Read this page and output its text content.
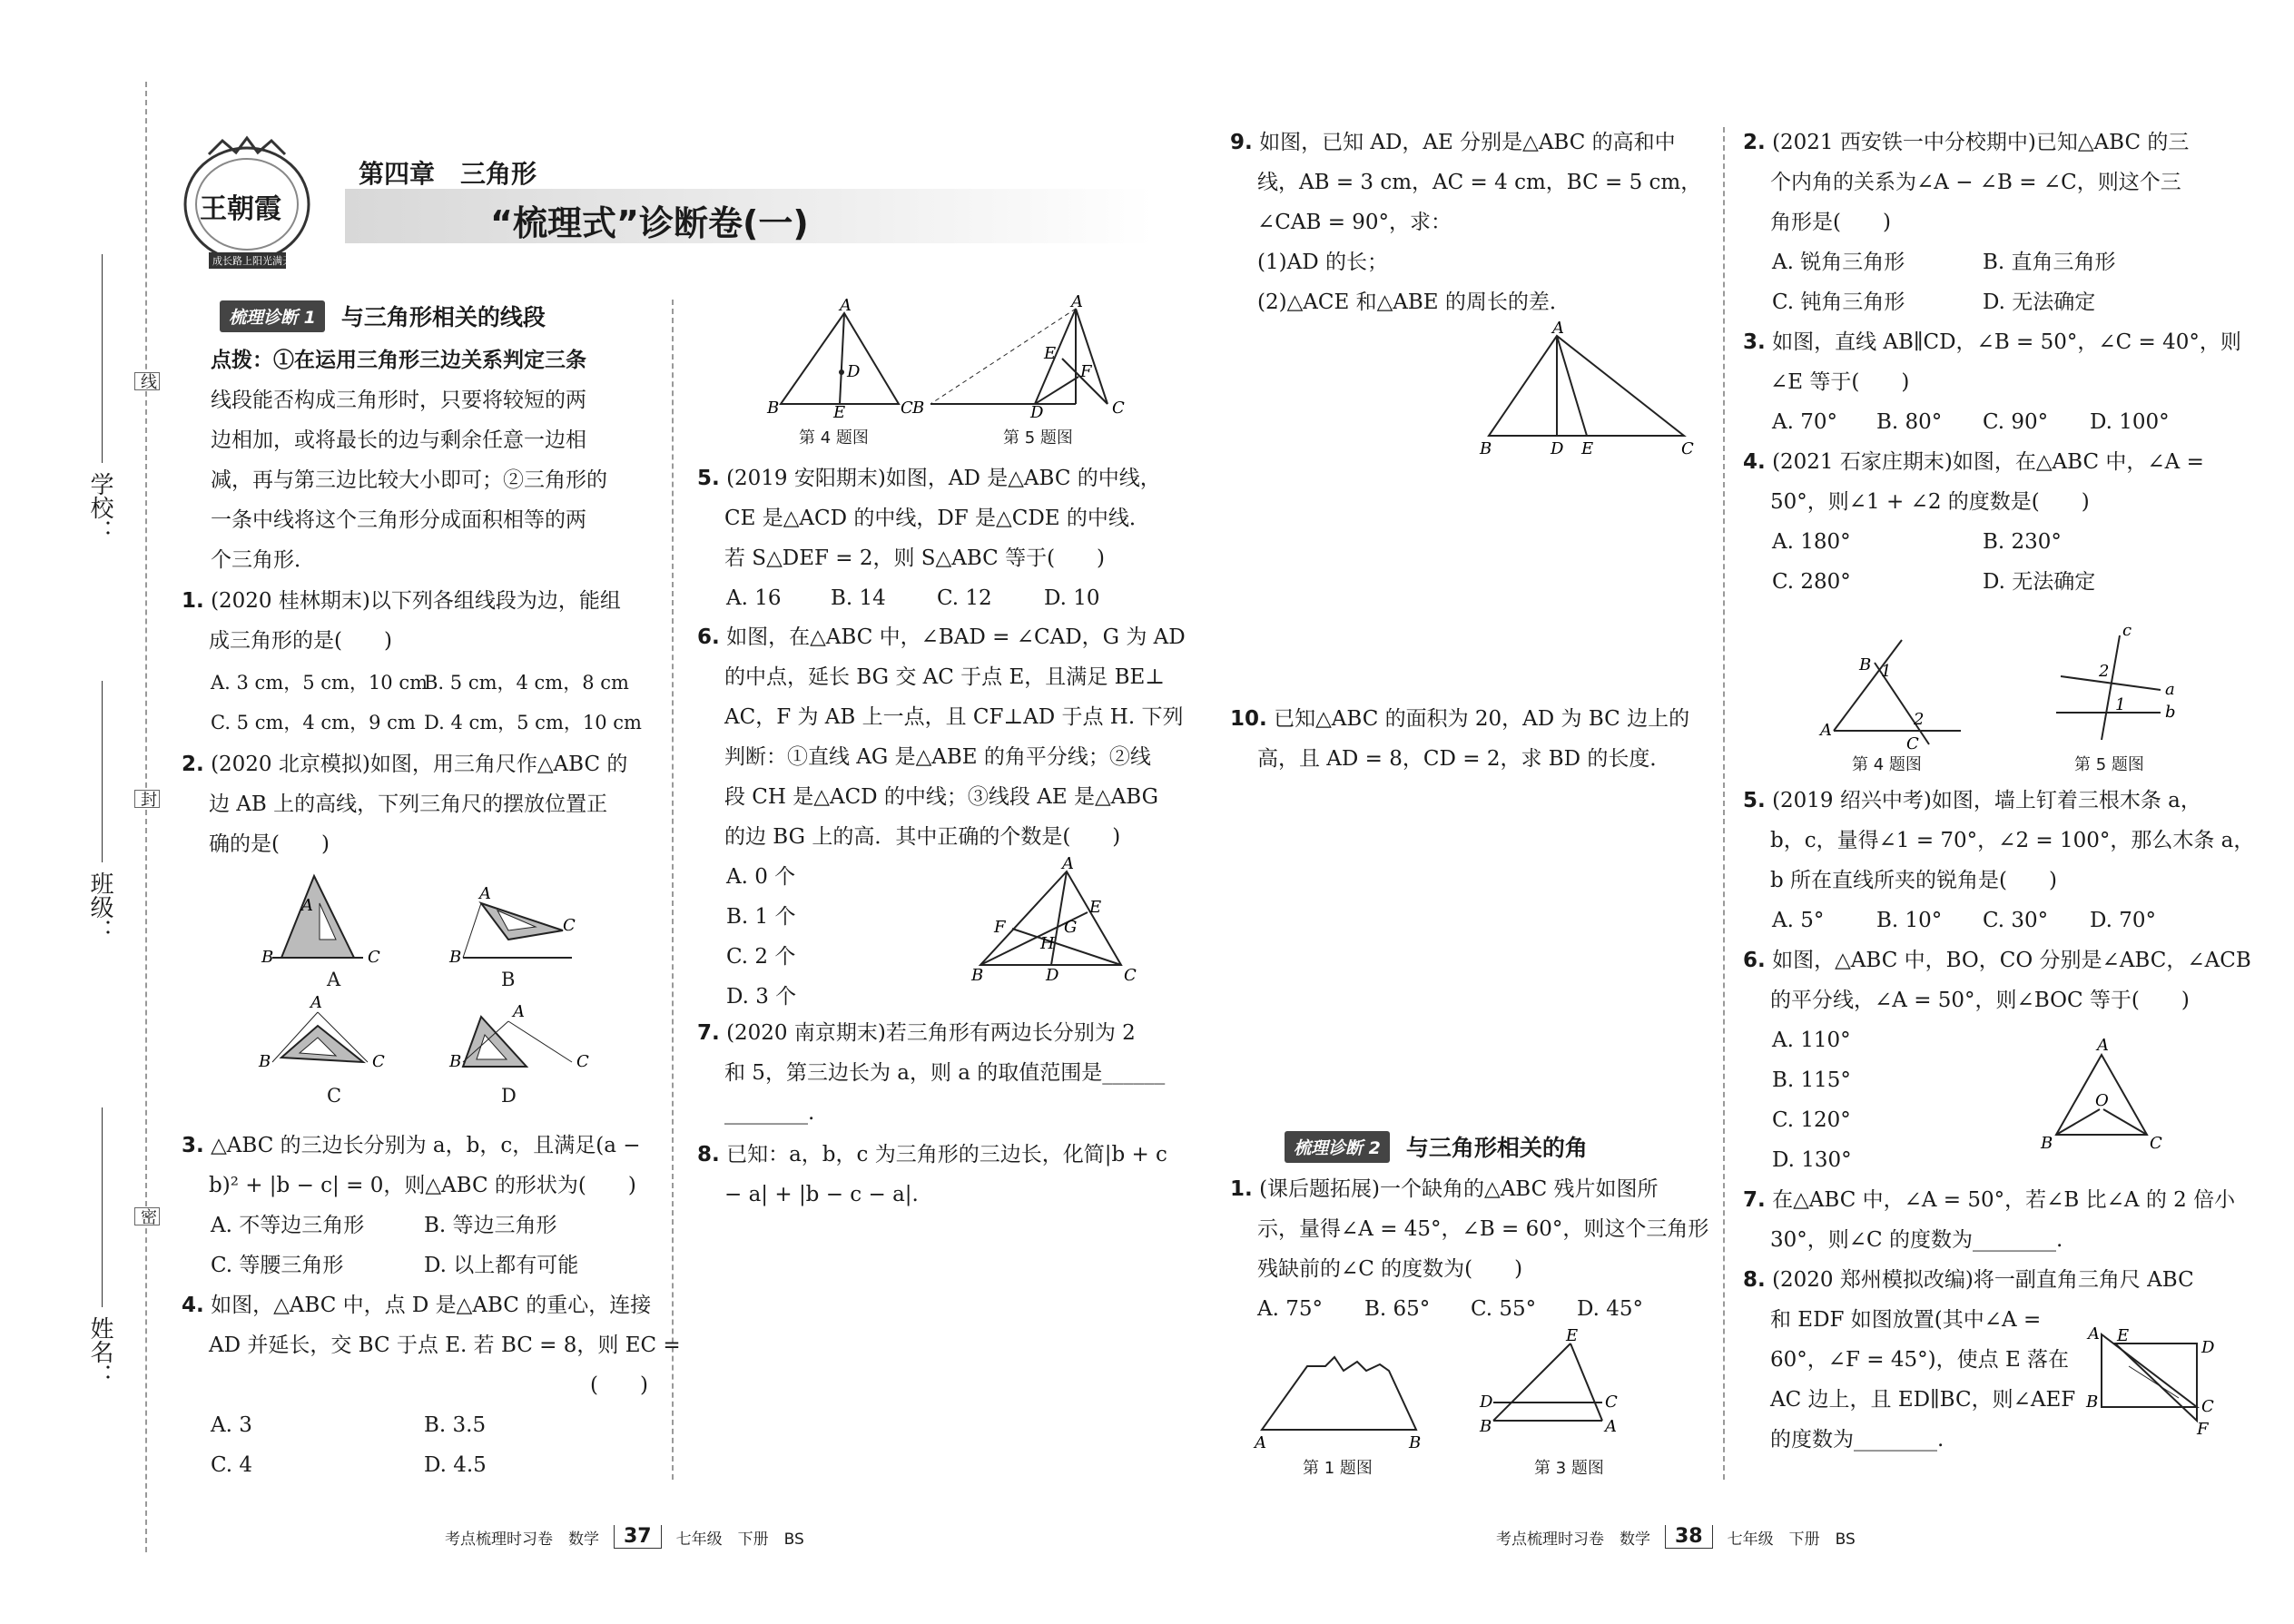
学校：
班级：
姓名：
线
封
密
王朝霞
成长路上 阳光满天
第四章　三角形
“梳理式”诊断卷(一)
梳理诊断 1	与三角形相关的线段
点拨：①在运用三角形三边关系判定三条
线段能否构成三角形时，只要将较短的两
边相加，或将最长的边与剩余任意一边相
减，再与第三边比较大小即可；②三角形的
一条中线将这个三角形分成面积相等的两
个三角形．
1. (2020 桂林期末)以下列各组线段为边，能组
成三角形的是(　　)
A. 3 cm，5 cm，10 cm
B. 5 cm，4 cm，8 cm
C. 5 cm，4 cm，9 cm D. 4 cm，5 cm，10 cm
2. (2020 北京模拟)如图，用三角尺作△ABC 的
边 AB 上的高线，下列三角尺的摆放位置正
确的是(　　)
B	C
A
B
C
A
B	C
A
B	C
A
A	B
C	D
3. △ABC 的三边长分别为 a，b，c，且满足(a −
b)² + |b − c| = 0，则△ABC 的形状为(　　)
A. 不等边三角形	B. 等边三角形
C. 等腰三角形	D. 以上都有可能
4. 如图，△ABC 中，点 D 是△ABC 的重心，连接
AD 并延长，交 BC 于点 E. 若 BC = 8，则 EC =
(　　)
A. 3	B. 3.5
C. 4	D. 4.5
A
B	C
E
D
A
B	D	C
E
F
第 4 题图	第 5 题图
5. (2019 安阳期末)如图，AD 是△ABC 的中线，
CE 是△ACD 的中线，DF 是△CDE 的中线．
若 S△DEF = 2，则 S△ABC 等于(　　)
A. 16 B. 14 C. 12 D. 10
6. 如图，在△ABC 中，∠BAD = ∠CAD，G 为 AD
的中点，延长 BG 交 AC 于点 E，且满足 BE⊥
AC，F 为 AB 上一点，且 CF⊥AD 于点 H. 下列
判断：①直线 AG 是△ABE 的角平分线；②线
段 CH 是△ACD 的中线；③线段 AE 是△ABG
的边 BG 上的高．其中正确的个数是(　　)
A. 0 个
B. 1 个
C. 2 个
D. 3 个
A
B	D	C
E
F	G
H
7. (2020 南京期末)若三角形有两边长分别为 2
和 5，第三边长为 a，则 a 的取值范围是______
________.
8. 已知：a，b，c 为三角形的三边长，化简|b + c
− a| + |b − c − a|.
考点梳理时习卷　数学	37	七年级　下册　BS
9. 如图，已知 AD，AE 分别是△ABC 的高和中
线，AB = 3 cm，AC = 4 cm，BC = 5 cm，
∠CAB = 90°，求：
(1)AD 的长；
(2)△ACE 和△ABE 的周长的差．
A
B	D E	C
10. 已知△ABC 的面积为 20，AD 为 BC 边上的
高，且 AD = 8，CD = 2，求 BD 的长度．
梳理诊断 2	与三角形相关的角
1. (课后题拓展)一个缺角的△ABC 残片如图所
示，量得∠A = 45°，∠B = 60°，则这个三角形
残缺前的∠C 的度数为(　　)
A. 75° B. 65° C. 55° D. 45°
A	B
E
D	C
B	A
第 1 题图	第 3 题图
2. (2021 西安铁一中分校期中)已知△ABC 的三
个内角的关系为∠A − ∠B = ∠C，则这个三
角形是(　　)
A. 锐角三角形	B. 直角三角形
C. 钝角三角形	D. 无法确定
3. 如图，直线 AB∥CD，∠B = 50°，∠C = 40°，则
∠E 等于(　　)
A. 70° B. 80° C. 90° D. 100°
4. (2021 石家庄期末)如图，在△ABC 中，∠A =
50°，则∠1 + ∠2 的度数是(　　)
A. 180°	B. 230°
C. 280°	D. 无法确定
A
B
C
1
2
c
a
b
2
1
第 4 题图	第 5 题图
5. (2019 绍兴中考)如图，墙上钉着三根木条 a，
b，c，量得∠1 = 70°，∠2 = 100°，那么木条 a，
b 所在直线所夹的锐角是(　　)
A. 5°	B. 10° C. 30° D. 70°
6. 如图，△ABC 中，BO，CO 分别是∠ABC，∠ACB
的平分线，∠A = 50°，则∠BOC 等于(　　)
A. 110°
B. 115°
C. 120°
D. 130°
A
O
B	C
7. 在△ABC 中，∠A = 50°，若∠B 比∠A 的 2 倍小
30°，则∠C 的度数为________.
8. (2020 郑州模拟改编)将一副直角三角尺 ABC
和 EDF 如图放置(其中∠A =
60°，∠F = 45°)，使点 E 落在
AC 边上，且 ED∥BC，则∠AEF
的度数为________.
A E
D
C
B
F
考点梳理时习卷　数学	38	七年级　下册　BS
